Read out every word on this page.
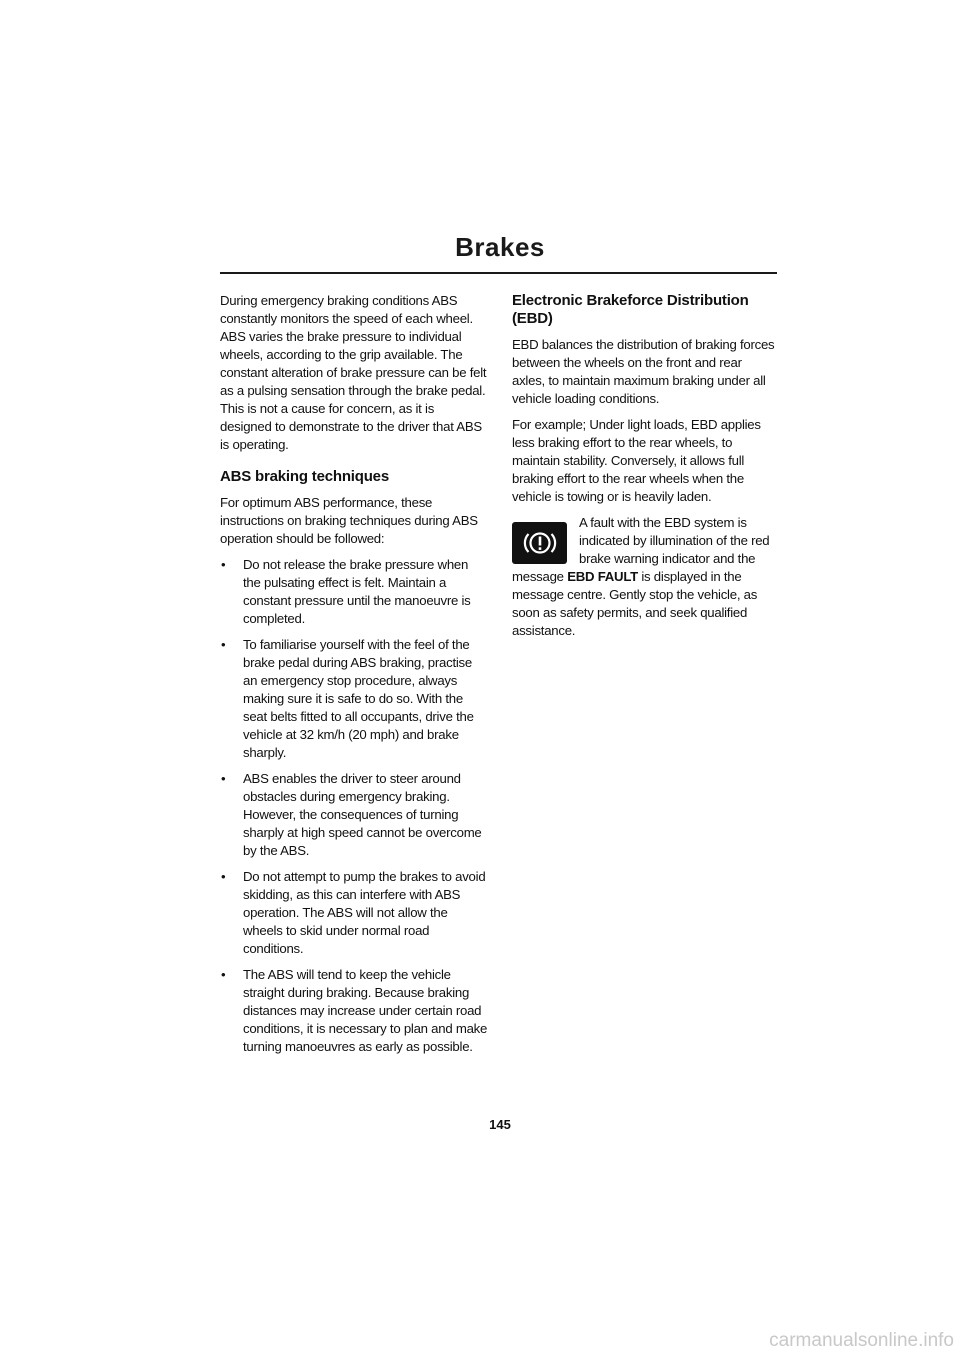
Brakes

During emergency braking conditions ABS constantly monitors the speed of each wheel. ABS varies the brake pressure to individual wheels, according to the grip available. The constant alteration of brake pressure can be felt as a pulsing sensation through the brake pedal. This is not a cause for concern, as it is designed to demonstrate to the driver that ABS is operating.

ABS braking techniques

For optimum ABS performance, these instructions on braking techniques during ABS operation should be followed:

• Do not release the brake pressure when the pulsating effect is felt. Maintain a constant pressure until the manoeuvre is completed.
• To familiarise yourself with the feel of the brake pedal during ABS braking, practise an emergency stop procedure, always making sure it is safe to do so. With the seat belts fitted to all occupants, drive the vehicle at 32 km/h (20 mph) and brake sharply.
• ABS enables the driver to steer around obstacles during emergency braking. However, the consequences of turning sharply at high speed cannot be overcome by the ABS.
• Do not attempt to pump the brakes to avoid skidding, as this can interfere with ABS operation. The ABS will not allow the wheels to skid under normal road conditions.
• The ABS will tend to keep the vehicle straight during braking. Because braking distances may increase under certain road conditions, it is necessary to plan and make turning manoeuvres as early as possible.
Electronic Brakeforce Distribution (EBD)

EBD balances the distribution of braking forces between the wheels on the front and rear axles, to maintain maximum braking under all vehicle loading conditions.

For example; Under light loads, EBD applies less braking effort to the rear wheels, to maintain stability. Conversely, it allows full braking effort to the rear wheels when the vehicle is towing or is heavily laden.

A fault with the EBD system is indicated by illumination of the red brake warning indicator and the message EBD FAULT is displayed in the message centre. Gently stop the vehicle, as soon as safety permits, and seek qualified assistance.

145
carmanualsonline.info
